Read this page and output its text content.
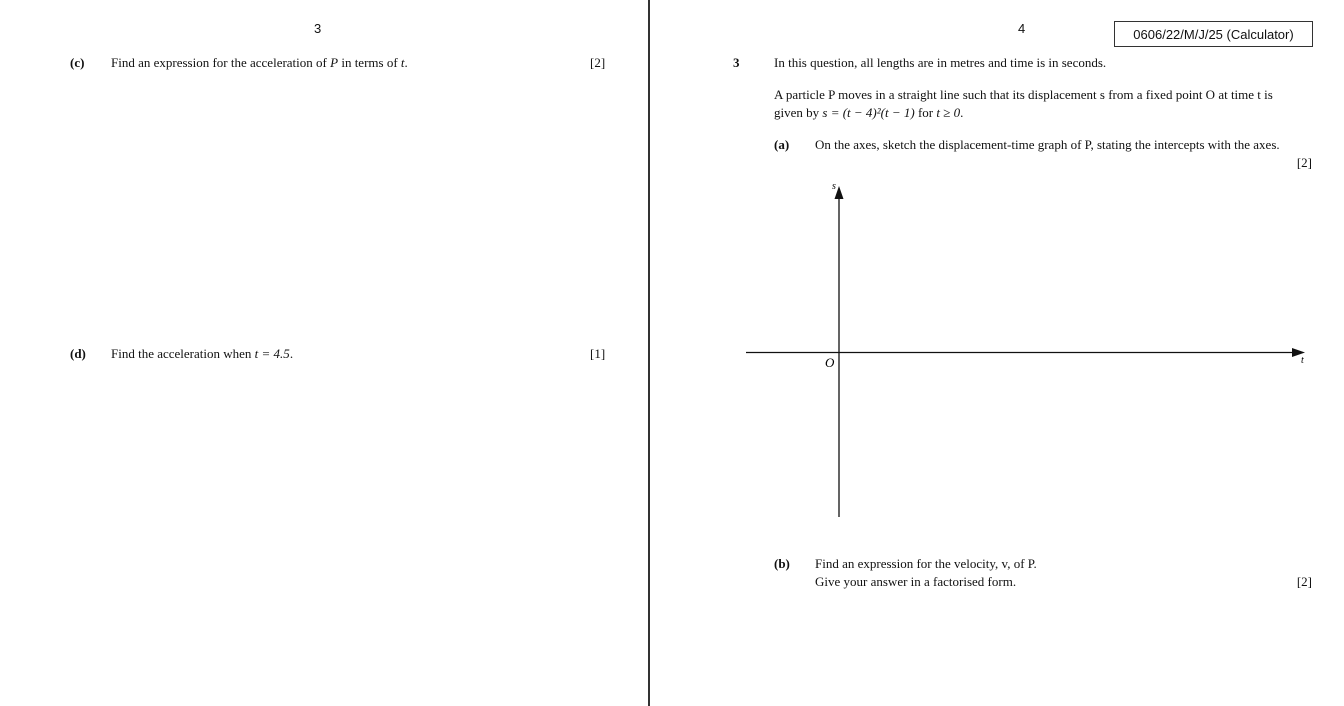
3
(c) Find an expression for the acceleration of P in terms of t.	[2]
(d) Find the acceleration when t = 4.5.	[1]
4	0606/22/M/J/25 (Calculator)
3	In this question, all lengths are in metres and time is in seconds.
A particle P moves in a straight line such that its displacement s from a fixed point O at time t is
given by s = (t − 4)²(t − 1) for t ≥ 0.
(a) On the axes, sketch the displacement-time graph of P, stating the intercepts with the axes.
[2]
s
t
O
(b) Find an expression for the velocity, v, of P.
Give your answer in a factorised form.	[2]
